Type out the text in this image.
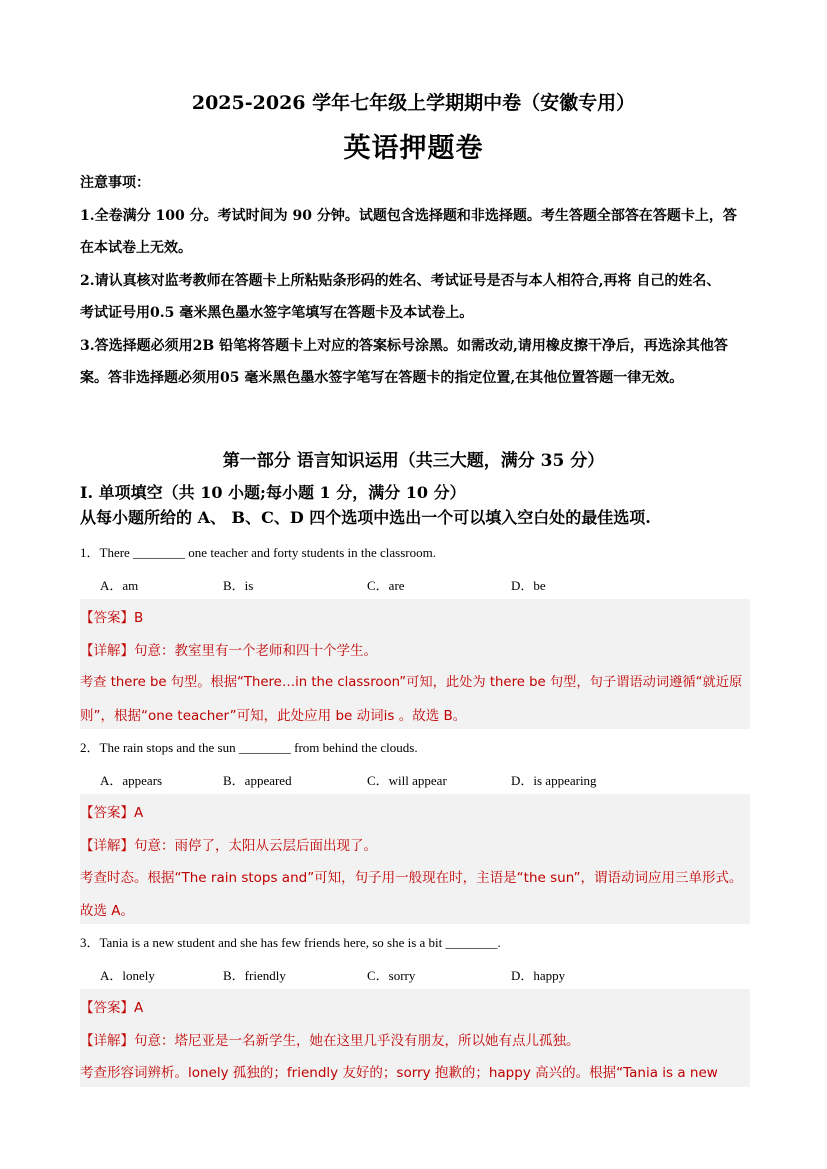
2025-2026 学年七年级上学期期中卷（安徽专用）
英语押题卷
注意事项：
1.全卷满分 100 分。考试时间为 90 分钟。试题包含选择题和非选择题。考生答题全部答在答题卡上，答
在本试卷上无效。
2.请认真核对监考教师在答题卡上所粘贴条形码的姓名、考试证号是否与本人相符合,再将 自己的姓名、
考试证号用0.5 毫米黑色墨水签字笔填写在答题卡及本试卷上。
3.答选择题必须用2B 铅笔将答题卡上对应的答案标号涂黑。如需改动,请用橡皮擦干净后，再选涂其他答
案。答非选择题必须用05 毫米黑色墨水签字笔写在答题卡的指定位置,在其他位置答题一律无效。
第一部分 语言知识运用（共三大题，满分 35 分）
I. 单项填空（共 10 小题;每小题 1 分，满分 10 分）
从每小题所给的 A、 B、C、D 四个选项中选出一个可以填入空白处的最佳选项.
1．There ________ one teacher and forty students in the classroom.
A．am	B．is	C．are	D．be
【答案】B
【详解】句意：教室里有一个老师和四十个学生。
考查 there be 句型。根据“There…in the classroon”可知，此处为 there be 句型，句子谓语动词遵循“就近原
则”，根据“one teacher”可知，此处应用 be 动词is 。故选 B。
2．The rain stops and the sun ________ from behind the clouds.
A．appears	B．appeared	C．will appear	D．is appearing
【答案】A
【详解】句意：雨停了，太阳从云层后面出现了。
考查时态。根据“The rain stops and”可知，句子用一般现在时，主语是“the sun”，谓语动词应用三单形式。
故选 A。
3．Tania is a new student and she has few friends here, so she is a bit ________.
A．lonely	B．friendly	C．sorry	D．happy
【答案】A
【详解】句意：塔尼亚是一名新学生，她在这里几乎没有朋友，所以她有点儿孤独。
考查形容词辨析。lonely 孤独的；friendly 友好的；sorry 抱歉的；happy 高兴的。根据“Tania is a new
